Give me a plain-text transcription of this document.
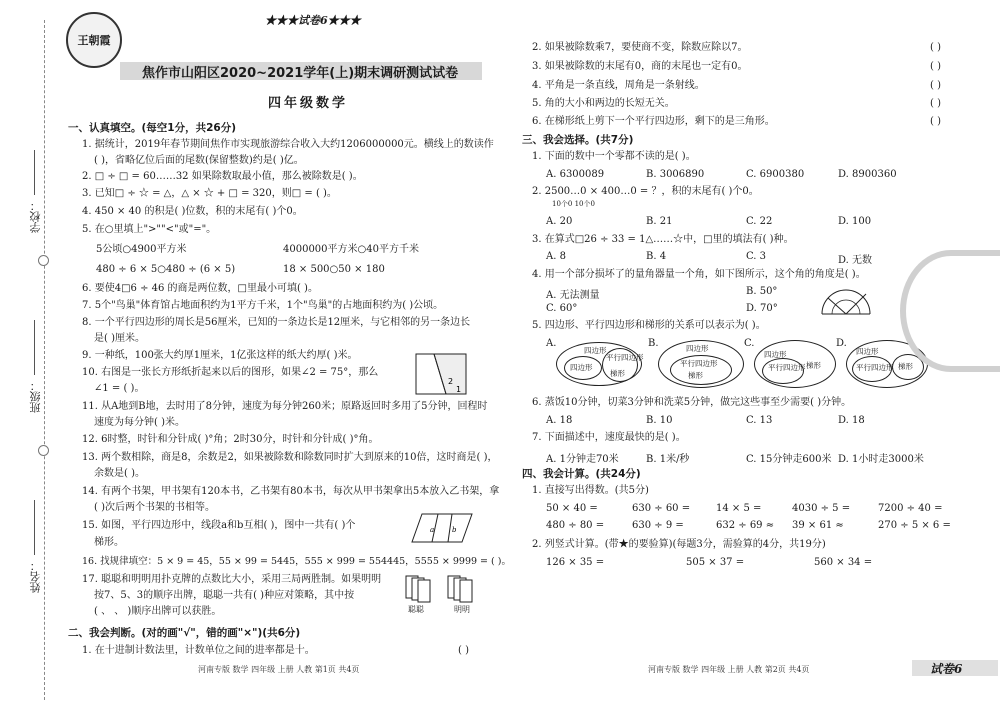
学校：
班级：
姓名：
王朝霞
★★★试卷6★★★
焦作市山阳区2020~2021学年(上)期末调研测试试卷
四年级数学
一、认真填空。(每空1分，共26分)
1. 据统计，2019年春节期间焦作市实现旅游综合收入大约1206000000元。横线上的数读作
( )，省略亿位后面的尾数(保留整数)约是( )亿。
2. □ ÷ □ = 60……32 如果除数取最小值，那么被除数是( )。
3. 已知□ ÷ ☆ = △，△ × ☆ + □ = 320，则□ = ( )。
4. 450 × 40 的积是( )位数，积的末尾有( )个0。
5. 在○里填上">""<"或"="。
5公顷○4900平方米	4000000平方米○40平方千米
480 ÷ 6 × 5○480 ÷ (6 × 5)	18 × 500○50 × 180
6. 要使4□6 ÷ 46 的商是两位数，□里最小可填( )。
7. 5个"鸟巢"体育馆占地面积约为1平方千米，1个"鸟巢"的占地面积约为( )公顷。
8. 一个平行四边形的周长是56厘米，已知的一条边长是12厘米，与它相邻的另一条边长
是( )厘米。
9. 一种纸，100张大约厚1厘米，1亿张这样的纸大约厚( )米。
10. 右图是一张长方形纸折起来以后的图形，如果∠2 = 75°，那么
∠1 = ( )。
2
1
11. 从A地到B地，去时用了8分钟，速度为每分钟260米；原路返回时多用了5分钟，回程时
速度为每分钟( )米。
12. 6时整，时针和分针成( )°角；2时30分，时针和分针成( )°角。
13. 两个数相除，商是8，余数是2，如果被除数和除数同时扩大到原来的10倍，这时商是( )，
余数是( )。
14. 有两个书架，甲书架有120本书，乙书架有80本书，每次从甲书架拿出5本放入乙书架，拿
( )次后两个书架的书相等。
15. 如图，平行四边形中，线段a和b互相( )，图中一共有( )个
梯形。
a	b
16. 找规律填空：5 × 9 = 45，55 × 99 = 5445，555 × 999 = 554445，5555 × 9999 = ( )。
17. 聪聪和明明用扑克牌的点数比大小，采用三局两胜制。如果明明
按7、5、3的顺序出牌，聪聪一共有( )种应对策略，其中按
( 、 、 )顺序出牌可以获胜。	聪聪	明明
二、我会判断。(对的画"√"，错的画"×")(共6分)
1. 在十进制计数法里，计数单位之间的进率都是十。	( )
河南专版 数学 四年级 上册 人教 第1页 共4页
2. 如果被除数乘7，要使商不变，除数应除以7。	( )
3. 如果被除数的末尾有0，商的末尾也一定有0。	( )
4. 平角是一条直线，周角是一条射线。	( )
5. 角的大小和两边的长短无关。	( )
6. 在梯形纸上剪下一个平行四边形，剩下的是三角形。	( )
三、我会选择。(共7分)
1. 下面的数中一个零都不读的是( )。
A. 6300089	B. 3006890	C. 6900380	D. 8900360
2. 2500…0 × 400…0 = ？，积的末尾有( )个0。
10个0 10个0
A. 20	B. 21	C. 22	D. 100
3. 在算式□26 ÷ 33 = 1△……☆中，□里的填法有( )种。
A. 8	B. 4	C. 3	D. 无数
4. 用一个部分损坏了的量角器量一个角，如下图所示，这个角的角度是( )。
A. 无法测量	B. 50°
C. 60°	D. 70°
5. 四边形、平行四边形和梯形的关系可以表示为( )。
A.
四边形
四边形
平行四边形
梯形
B.	四边形
平行四边形
梯形
C.
四边形
平行四边形 梯形
D.
四边形
平行四边形 梯形
6. 蒸饭10分钟，切菜3分钟和洗菜5分钟，做完这些事至少需要( )分钟。
A. 18	B. 10	C. 13	D. 18
7. 下面描述中，速度最快的是( )。
A. 1分钟走70米	B. 1米/秒	C. 15分钟走600米 D. 1小时走3000米
四、我会计算。(共24分)
1. 直接写出得数。(共5分)
50 × 40 =	630 ÷ 60 =	14 × 5 =	4030 ÷ 5 =	7200 ÷ 40 =
480 ÷ 80 =	630 ÷ 9 =	632 ÷ 69 ≈ 39 × 61 ≈	270 ÷ 5 × 6 =
2. 列竖式计算。(带★的要验算)(每题3分，需验算的4分，共19分)
126 × 35 =	505 × 37 =	560 × 34 =
河南专版 数学 四年级 上册 人教 第2页 共4页	试卷6
